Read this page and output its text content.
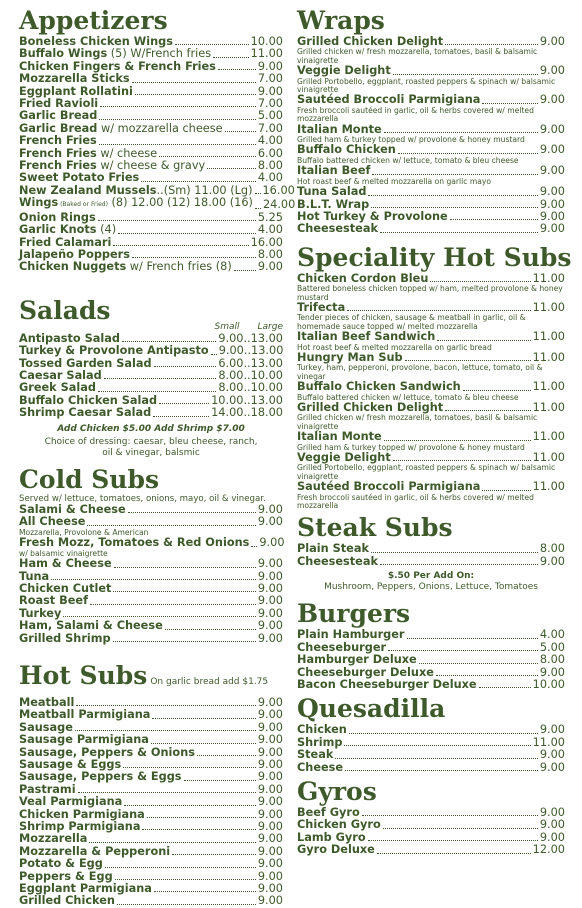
Appetizers
Boneless Chicken Wings	10.00
Buffalo Wings (5) W/French fries	11.00
Chicken Fingers & French Fries	9.00
Mozzarella Sticks	7.00
Eggplant Rollatini	9.00
Fried Ravioli	7.00
Garlic Bread	5.00
Garlic Bread w/ mozzarella cheese	7.00
French Fries	4.00
French Fries w/ cheese	6.00
French Fries w/ cheese & gravy	8.00
Sweet Potato Fries	4.00
New Zealand Mussels..(Sm) 11.00 (Lg) 16.00
Wings (Baked or Fried) (8) 12.00 (12) 18.00 (16) 24.00
Onion Rings	5.25
Garlic Knots (4)	4.00
Fried Calamari	16.00
Jalapeño Poppers	8.00
Chicken Nuggets w/ French fries (8) 9.00
Salads
Small Large
Antipasto Salad	9.00..13.00
Turkey & Provolone Antipasto 9.00..13.00
Tossed Garden Salad	6.00..13.00
Caesar Salad	8.00..10.00
Greek Salad	8.00..10.00
Buffalo Chicken Salad	10.00..13.00
Shrimp Caesar Salad	14.00..18.00
Add Chicken $5.00 Add Shrimp $7.00
Choice of dressing: caesar, bleu cheese, ranch,
oil & vinegar, balsmic
Cold Subs
Served w/ lettuce, tomatoes, onions, mayo, oil & vinegar.
Salami & Cheese	9.00
All Cheese	9.00
Mozzarella, Provolone & American
Fresh Mozz, Tomatoes & Red Onions 9.00
w/ balsamic vinaigrette
Ham & Cheese	9.00
Tuna	9.00
Chicken Cutlet	9.00
Roast Beef	9.00
Turkey	9.00
Ham, Salami & Cheese	9.00
Grilled Shrimp	9.00
Hot Subs On garlic bread add $1.75
Meatball	9.00
Meatball Parmigiana	9.00
Sausage	9.00
Sausage Parmigiana	9.00
Sausage, Peppers & Onions	9.00
Sausage & Eggs	9.00
Sausage, Peppers & Eggs	9.00
Pastrami	9.00
Veal Parmigiana	9.00
Chicken Parmigiana	9.00
Shrimp Parmigiana	9.00
Mozzarella	9.00
Mozzarella & Pepperoni	9.00
Potato & Egg	9.00
Peppers & Egg	9.00
Eggplant Parmigiana	9.00
Grilled Chicken	9.00
Wraps
Grilled Chicken Delight	9.00
Grilled chicken w/ fresh mozzarella, tomatoes, basil & balsamic vinaigrette
Veggie Delight	9.00
Grilled Portobello, eggplant, roasted peppers & spinach w/ balsamic vinaigrette
Sautéed Broccoli Parmigiana	9.00
Fresh broccoli sautéed in garlic, oil & herbs covered w/ melted mozzarella
Italian Monte	9.00
Grilled ham & turkey topped w/ provolone & honey mustard
Buffalo Chicken	9.00
Buffalo battered chicken w/ lettuce, tomato & bleu cheese
Italian Beef	9.00
Hot roast beef & melted mozzarella on garlic mayo
Tuna Salad	9.00
B.L.T. Wrap	9.00
Hot Turkey & Provolone	9.00
Cheesesteak	9.00
Speciality Hot Subs
Chicken Cordon Bleu	11.00
Battered boneless chicken topped w/ ham, melted provolone & honey mustard
Trifecta	11.00
Tender pieces of chicken, sausage & meatball in garlic, oil & homemade sauce topped w/ melted mozzarella
Italian Beef Sandwich	11.00
Hot roast beef & melted mozzarella on garlic bread
Hungry Man Sub	11.00
Turkey, ham, pepperoni, provolone, bacon, lettuce, tomato, oil & vinegar
Buffalo Chicken Sandwich	11.00
Buffalo battered chicken w/ lettuce, tomato & bleu cheese
Grilled Chicken Delight	11.00
Grilled chicken w/ fresh mozzarella, tomatoes, basil & balsamic vinaigrette
Italian Monte	11.00
Grilled ham & turkey topped w/ provolone & honey mustard
Veggie Delight	11.00
Grilled Portobello, eggplant, roasted peppers & spinach w/ balsamic vinaigrette
Sautéed Broccoli Parmigiana	11.00
Fresh broccoli sautéed in garlic, oil & herbs covered w/ melted mozzarella
Steak Subs
Plain Steak	8.00
Cheesesteak	9.00
$.50 Per Add On:
Mushroom, Peppers, Onions, Lettuce, Tomatoes
Burgers
Plain Hamburger	4.00
Cheeseburger	5.00
Hamburger Deluxe	8.00
Cheeseburger Deluxe	9.00
Bacon Cheeseburger Deluxe	10.00
Quesadilla
Chicken	9.00
Shrimp	11.00
Steak	9.00
Cheese	9.00
Gyros
Beef Gyro	9.00
Chicken Gyro	9.00
Lamb Gyro	9.00
Gyro Deluxe	12.00
